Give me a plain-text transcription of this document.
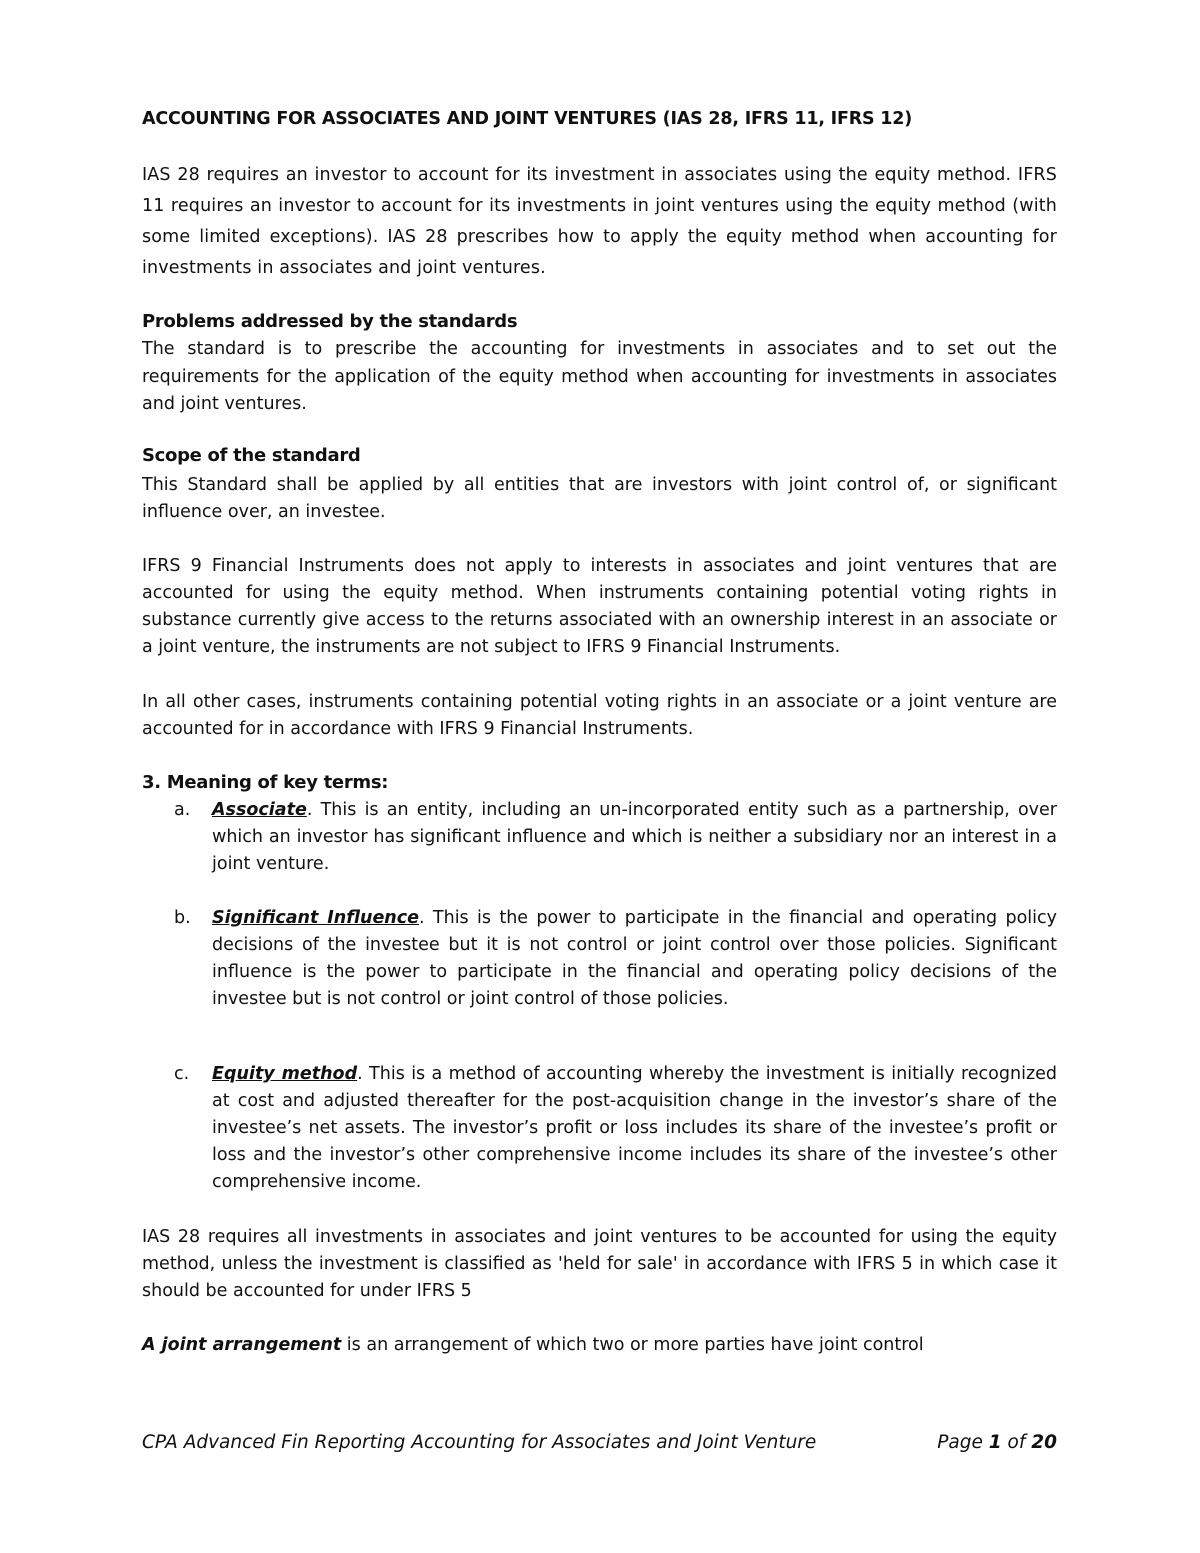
ACCOUNTING FOR ASSOCIATES AND JOINT VENTURES (IAS 28, IFRS 11, IFRS 12)

IAS 28 requires an investor to account for its investment in associates using the equity method. IFRS 11 requires an investor to account for its investments in joint ventures using the equity method (with some limited exceptions). IAS 28 prescribes how to apply the equity method when accounting for investments in associates and joint ventures.

Problems addressed by the standards

The standard is to prescribe the accounting for investments in associates and to set out the requirements for the application of the equity method when accounting for investments in associates and joint ventures.

Scope of the standard

This Standard shall be applied by all entities that are investors with joint control of, or significant influence over, an investee.

IFRS 9 Financial Instruments does not apply to interests in associates and joint ventures that are accounted for using the equity method. When instruments containing potential voting rights in substance currently give access to the returns associated with an ownership interest in an associate or a joint venture, the instruments are not subject to IFRS 9 Financial Instruments.

In all other cases, instruments containing potential voting rights in an associate or a joint venture are accounted for in accordance with IFRS 9 Financial Instruments.

3. Meaning of key terms:
a. Associate. This is an entity, including an un-incorporated entity such as a partnership, over which an investor has significant influence and which is neither a subsidiary nor an interest in a joint venture.
b. Significant Influence. This is the power to participate in the financial and operating policy decisions of the investee but it is not control or joint control over those policies. Significant influence is the power to participate in the financial and operating policy decisions of the investee but is not control or joint control of those policies.
c. Equity method. This is a method of accounting whereby the investment is initially recognized at cost and adjusted thereafter for the post-acquisition change in the investor’s share of the investee’s net assets. The investor’s profit or loss includes its share of the investee’s profit or loss and the investor’s other comprehensive income includes its share of the investee’s other comprehensive income.

IAS 28 requires all investments in associates and joint ventures to be accounted for using the equity method, unless the investment is classified as 'held for sale' in accordance with IFRS 5 in which case it should be accounted for under IFRS 5

A joint arrangement is an arrangement of which two or more parties have joint control

CPA Advanced Fin Reporting Accounting for Associates and Joint Venture	Page 1 of 20
